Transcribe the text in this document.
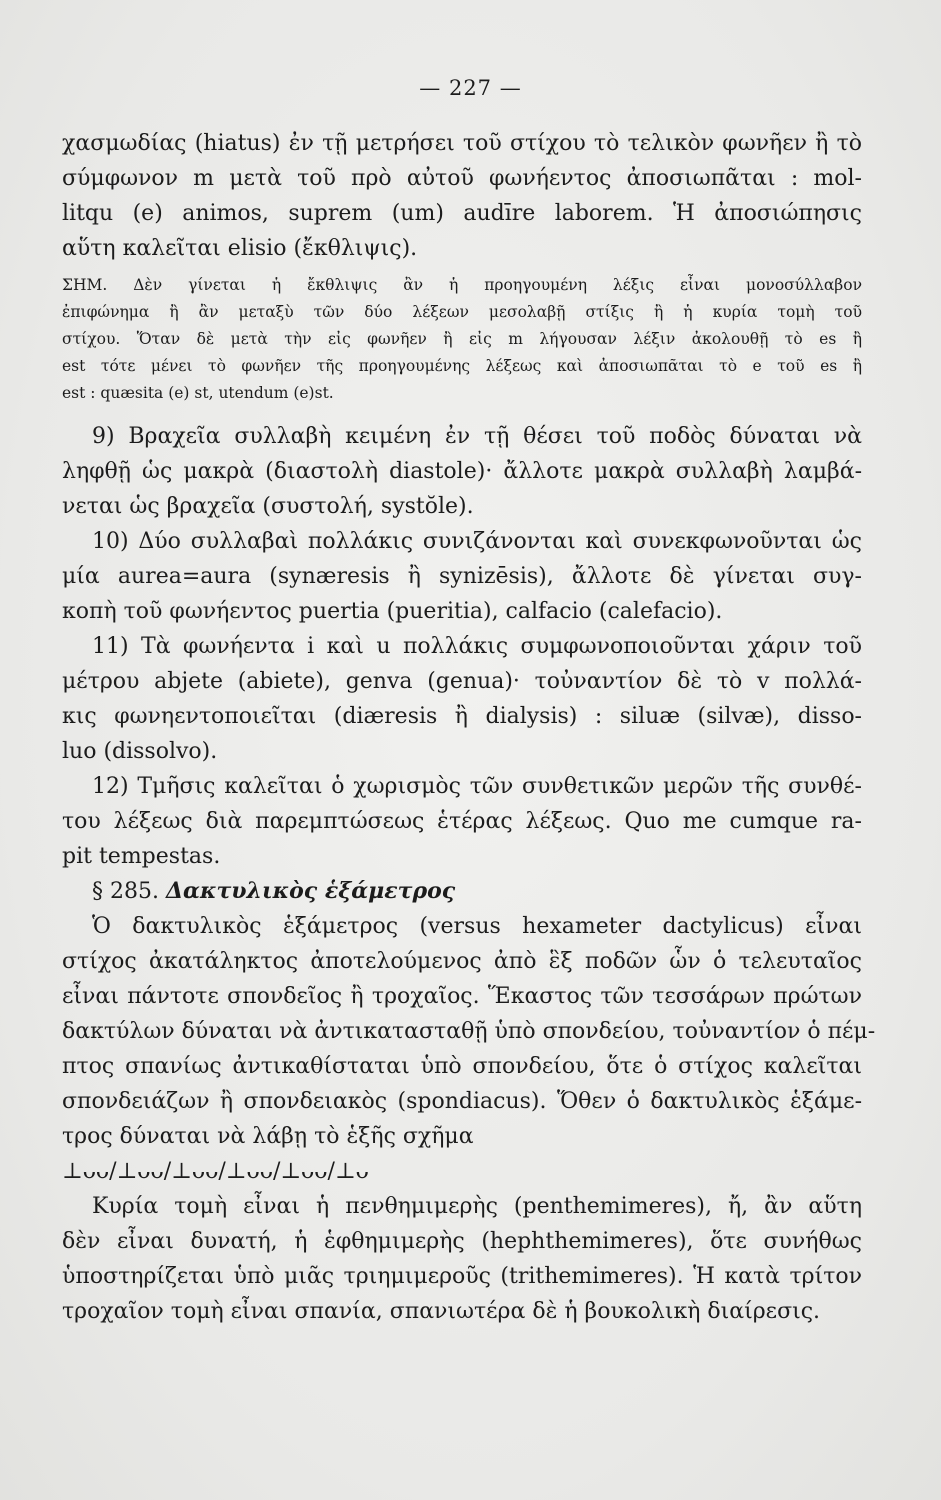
— 227 —
χασμωδίας (hiatus) ἐν τῇ μετρήσει τοῦ στίχου τὸ τελικὸν φωνῆεν ἢ τὸ
σύμφωνον m μετὰ τοῦ πρὸ αὐτοῦ φωνήεντος ἀποσιωπᾶται : mol-
litqu (e) animos, suprem (um) audīre laborem. Ἡ ἀποσιώπησις
αὕτη καλεῖται elisio (ἔκθλιψις).
ΣΗΜ. Δὲν γίνεται ἡ ἔκθλιψις ἂν ἡ προηγουμένη λέξις εἶναι μονοσύλλαβον
ἐπιφώνημα ἢ ἂν μεταξὺ τῶν δύο λέξεων μεσολαβῇ στίξις ἢ ἡ κυρία τομὴ τοῦ
στίχου. Ὅταν δὲ μετὰ τὴν εἰς φωνῆεν ἢ εἰς m λήγουσαν λέξιν ἀκολουθῇ τὸ es ἢ
est τότε μένει τὸ φωνῆεν τῆς προηγουμένης λέξεως καὶ ἀποσιωπᾶται τὸ e τοῦ es ἢ
est : quæsita (e) st, utendum (e)st.
9) Βραχεῖα συλλαβὴ κειμένη ἐν τῇ θέσει τοῦ ποδὸς δύναται νὰ
ληφθῇ ὡς μακρὰ (διαστολὴ diastole)· ἄλλοτε μακρὰ συλλαβὴ λαμβά-
νεται ὡς βραχεῖα (συστολή, systŏle).
10) Δύο συλλαβαὶ πολλάκις συνιζάνονται καὶ συνεκφωνοῦνται ὡς
μία aurea=aura (synæresis ἢ synizēsis), ἄλλοτε δὲ γίνεται συγ-
κοπὴ τοῦ φωνήεντος puertia (pueritia), calfacio (calefacio).
11) Τὰ φωνήεντα i καὶ u πολλάκις συμφωνοποιοῦνται χάριν τοῦ
μέτρου abjete (abiete), genva (genua)· τοὐναντίον δὲ τὸ v πολλά-
κις φωνηεντοποιεῖται (diæresis ἢ dialysis) : siluæ (silvæ), disso-
luo (dissolvo).
12) Τμῆσις καλεῖται ὁ χωρισμὸς τῶν συνθετικῶν μερῶν τῆς συνθέ-
του λέξεως διὰ παρεμπτώσεως ἑτέρας λέξεως. Quo me cumque ra-
pit tempestas.
§ 285. Δακτυλικὸς ἑξάμετρος
Ὁ δακτυλικὸς ἑξάμετρος (versus hexameter dactylicus) εἶναι
στίχος ἀκατάληκτος ἀποτελούμενος ἀπὸ ἓξ ποδῶν ὧν ὁ τελευταῖος
εἶναι πάντοτε σπονδεῖος ἢ τροχαῖος. Ἕκαστος τῶν τεσσάρων πρώτων
δακτύλων δύναται νὰ ἀντικατασταθῇ ὑπὸ σπονδείου, τοὐναντίον ὁ πέμ-
πτος σπανίως ἀντικαθίσταται ὑπὸ σπονδείου, ὅτε ὁ στίχος καλεῖται
σπονδειάζων ἢ σπονδειακὸς (spondiacus). Ὅθεν ὁ δακτυλικὸς ἑξάμε-
τρος δύναται νὰ λάβῃ τὸ ἑξῆς σχῆμα
⊥ᴗᴗ/⊥ᴗᴗ/⊥ᴗᴗ/⊥ᴗᴗ/⊥ᴗᴗ/⊥ᴗ
Κυρία τομὴ εἶναι ἡ πενθημιμερὴς (penthemimeres), ἤ, ἂν αὕτη
δὲν εἶναι δυνατή, ἡ ἑφθημιμερὴς (hephthemimeres), ὅτε συνήθως
ὑποστηρίζεται ὑπὸ μιᾶς τριημιμεροῦς (trithemimeres). Ἡ κατὰ τρίτον
τροχαῖον τομὴ εἶναι σπανία, σπανιωτέρα δὲ ἡ βουκολικὴ διαίρεσις.
